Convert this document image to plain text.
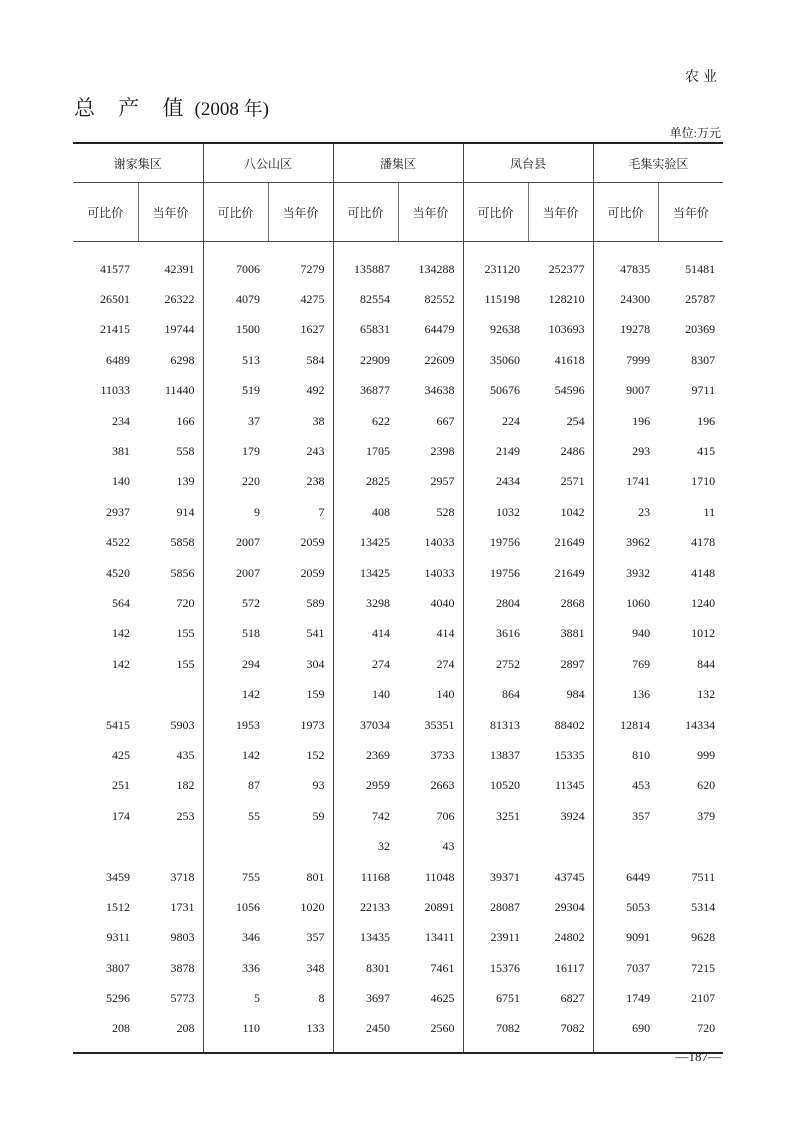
农业
总 产 值 (2008 年)
单位:万元
谢家集区		八公山区		潘集区		凤台县		毛集实验区	
可比价	当年价	可比价	当年价	可比价	当年价	可比价	当年价	可比价	当年价
41577	42391	7006	7279	135887	134288	231120	252377	47835	51481
26501	26322	4079	4275	82554	82552	115198	128210	24300	25787
21415	19744	1500	1627	65831	64479	92638	103693	19278	20369
6489	6298	513	584	22909	22609	35060	41618	7999	8307
11033	11440	519	492	36877	34638	50676	54596	9007	9711
234	166	37	38	622	667	224	254	196	196
381	558	179	243	1705	2398	2149	2486	293	415
140	139	220	238	2825	2957	2434	2571	1741	1710
2937	914	9	7	408	528	1032	1042	23	11
4522	5858	2007	2059	13425	14033	19756	21649	3962	4178
4520	5856	2007	2059	13425	14033	19756	21649	3932	4148
564	720	572	589	3298	4040	2804	2868	1060	1240
142	155	518	541	414	414	3616	3881	940	1012
142	155	294	304	274	274	2752	2897	769	844
		142	159	140	140	864	984	136	132
5415	5903	1953	1973	37034	35351	81313	88402	12814	14334
425	435	142	152	2369	3733	13837	15335	810	999
251	182	87	93	2959	2663	10520	11345	453	620
174	253	55	59	742	706	3251	3924	357	379
				32	43				
3459	3718	755	801	11168	11048	39371	43745	6449	7511
1512	1731	1056	1020	22133	20891	28087	29304	5053	5314
9311	9803	346	357	13435	13411	23911	24802	9091	9628
3807	3878	336	348	8301	7461	15376	16117	7037	7215
5296	5773	5	8	3697	4625	6751	6827	1749	2107
208	208	110	133	2450	2560	7082	7082	690	720
—187—
